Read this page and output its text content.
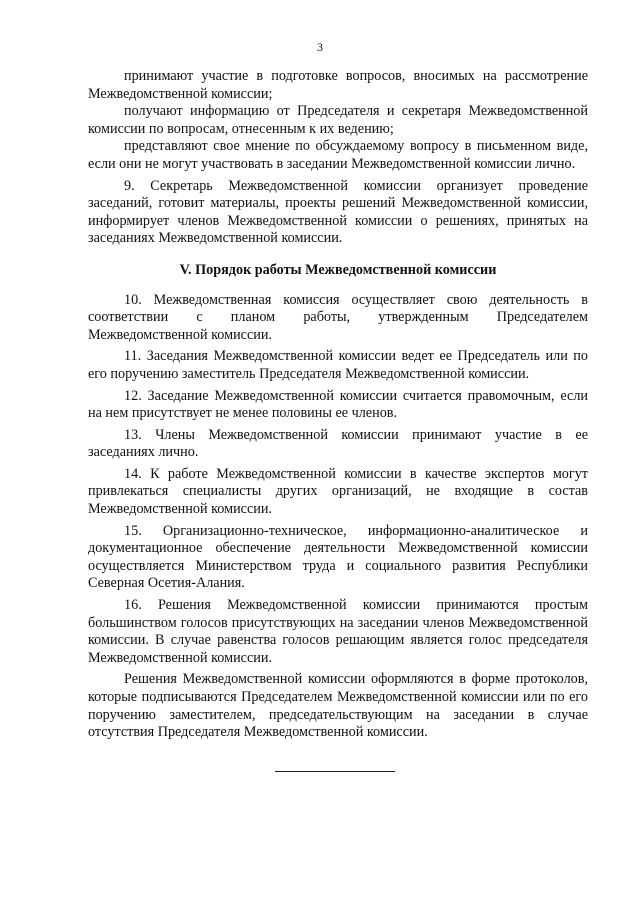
3

принимают участие в подготовке вопросов, вносимых на рассмотрение Межведомственной комиссии;

получают информацию от Председателя и секретаря Межведомственной комиссии по вопросам, отнесенным к их ведению;

представляют свое мнение по обсуждаемому вопросу в письменном виде, если они не могут участвовать в заседании Межведомственной комиссии лично.

9. Секретарь Межведомственной комиссии организует проведение заседаний, готовит материалы, проекты решений Межведомственной комиссии, информирует членов Межведомственной комиссии о решениях, принятых на заседаниях Межведомственной комиссии.

V. Порядок работы Межведомственной комиссии

10. Межведомственная комиссия осуществляет свою деятельность в соответствии с планом работы, утвержденным Председателем Межведомственной комиссии.

11. Заседания Межведомственной комиссии ведет ее Председатель или по его поручению заместитель Председателя Межведомственной комиссии.

12. Заседание Межведомственной комиссии считается правомочным, если на нем присутствует не менее половины ее членов.

13. Члены Межведомственной комиссии принимают участие в ее заседаниях лично.

14. К работе Межведомственной комиссии в качестве экспертов могут привлекаться специалисты других организаций, не входящие в состав Межведомственной комиссии.

15. Организационно-техническое, информационно-аналитическое и документационное обеспечение деятельности Межведомственной комиссии осуществляется Министерством труда и социального развития Республики Северная Осетия-Алания.

16. Решения Межведомственной комиссии принимаются простым большинством голосов присутствующих на заседании членов Межведомственной комиссии. В случае равенства голосов решающим является голос председателя Межведомственной комиссии.

Решения Межведомственной комиссии оформляются в форме протоколов, которые подписываются Председателем Межведомственной комиссии или по его поручению заместителем, председательствующим на заседании в случае отсутствия Председателя Межведомственной комиссии.
